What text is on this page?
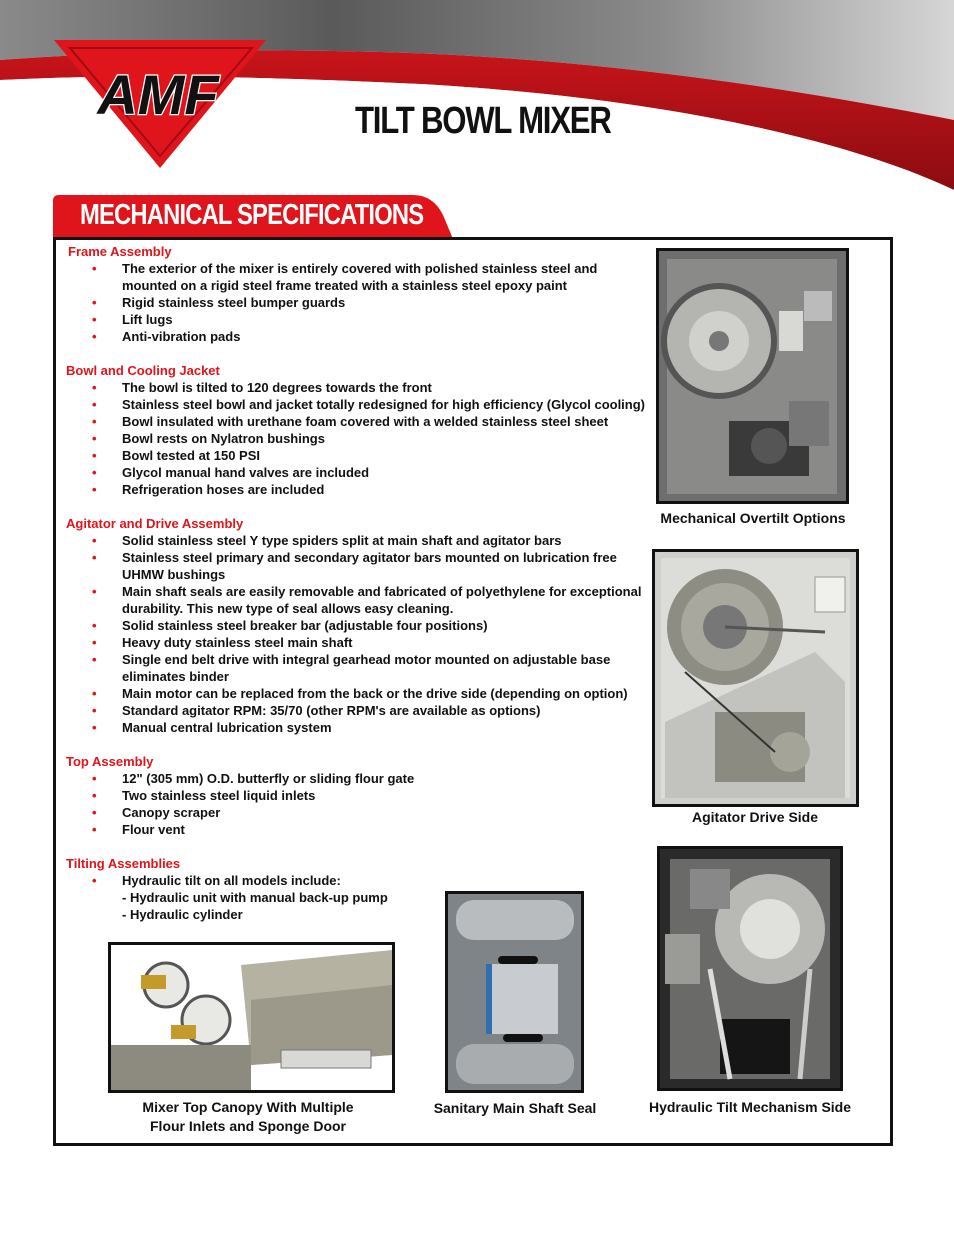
AMF	TILT BOWL MIXER
MECHANICAL SPECIFICATIONS

Frame Assembly

• The exterior of the mixer is entirely covered with polished stainless steel and mounted on a rigid steel frame treated with a stainless steel epoxy paint
• Rigid stainless steel bumper guards
• Lift lugs
• Anti-vibration pads

Bowl and Cooling Jacket

• The bowl is tilted to 120 degrees towards the front
• Stainless steel bowl and jacket totally redesigned for high efficiency (Glycol cooling)
• Bowl insulated with urethane foam covered with a welded stainless steel sheet
• Bowl rests on Nylatron bushings
• Bowl tested at 150 PSI
• Glycol manual hand valves are included
• Refrigeration hoses are included

Agitator and Drive Assembly

• Solid stainless steel Y type spiders split at main shaft and agitator bars
• Stainless steel primary and secondary agitator bars mounted on lubrication free UHMW bushings
• Main shaft seals are easily removable and fabricated of polyethylene for exceptional durability. This new type of seal allows easy cleaning.
• Solid stainless steel breaker bar (adjustable four positions)
• Heavy duty stainless steel main shaft
• Single end belt drive with integral gearhead motor mounted on adjustable base eliminates binder
• Main motor can be replaced from the back or the drive side (depending on option)
• Standard agitator RPM: 35/70 (other RPM's are available as options)
• Manual central lubrication system

Top Assembly

• 12" (305 mm) O.D. butterfly or sliding flour gate
• Two stainless steel liquid inlets
• Canopy scraper
• Flour vent

Tilting Assemblies

• Hydraulic tilt on all models include:
- Hydraulic unit with manual back-up pump
- Hydraulic cylinder
Mechanical Overtilt Options
Agitator Drive Side
Hydraulic Tilt Mechanism Side
Sanitary Main Shaft Seal
Mixer Top Canopy With Multiple
Flour Inlets and Sponge Door
